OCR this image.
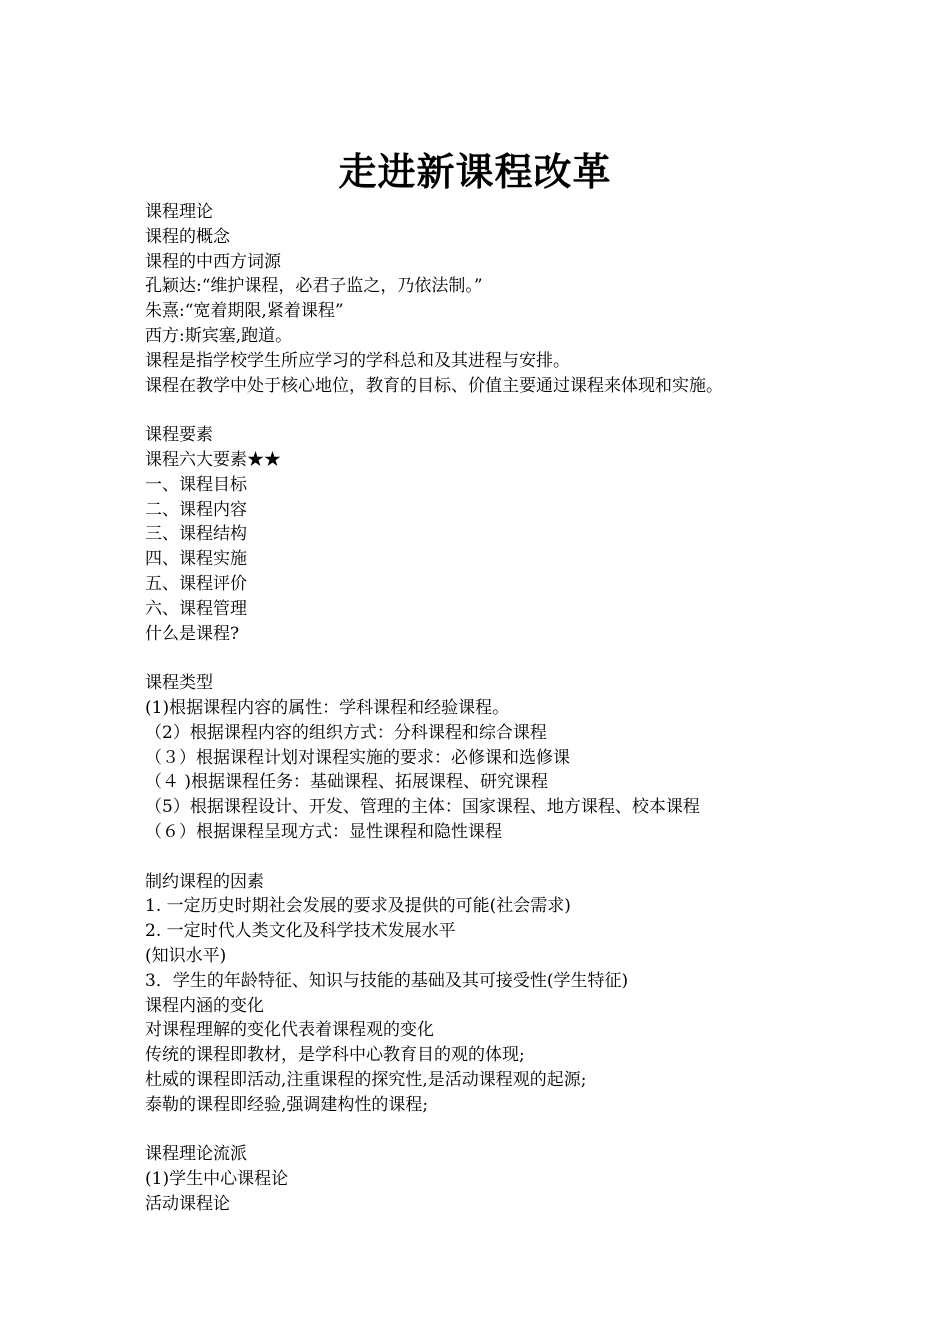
走进新课程改革
课程理论
课程的概念
课程的中西方词源
孔颖达:“维护课程，必君子监之，乃依法制。”
朱熹:“宽着期限,紧着课程”
西方:斯宾塞,跑道。
课程是指学校学生所应学习的学科总和及其进程与安排。
课程在教学中处于核心地位，教育的目标、价值主要通过课程来体现和实施。
课程要素
课程六大要素★★
一、课程目标
二、课程内容
三、课程结构
四、课程实施
五、课程评价
六、课程管理
什么是课程?
课程类型
(1)根据课程内容的属性：学科课程和经验课程。
（2）根据课程内容的组织方式：分科课程和综合课程
（３）根据课程计划对课程实施的要求：必修课和选修课
（４ )根据课程任务：基础课程、拓展课程、研究课程
（5）根据课程设计、开发、管理的主体：国家课程、地方课程、校本课程
（６）根据课程呈现方式：显性课程和隐性课程
制约课程的因素
1. 一定历史时期社会发展的要求及提供的可能(社会需求)
2. 一定时代人类文化及科学技术发展水平
(知识水平)
3．学生的年龄特征、知识与技能的基础及其可接受性(学生特征)
课程内涵的变化
对课程理解的变化代表着课程观的变化
传统的课程即教材，是学科中心教育目的观的体现;
杜威的课程即活动,注重课程的探究性,是活动课程观的起源;
泰勒的课程即经验,强调建构性的课程;
课程理论流派
(1)学生中心课程论
活动课程论
